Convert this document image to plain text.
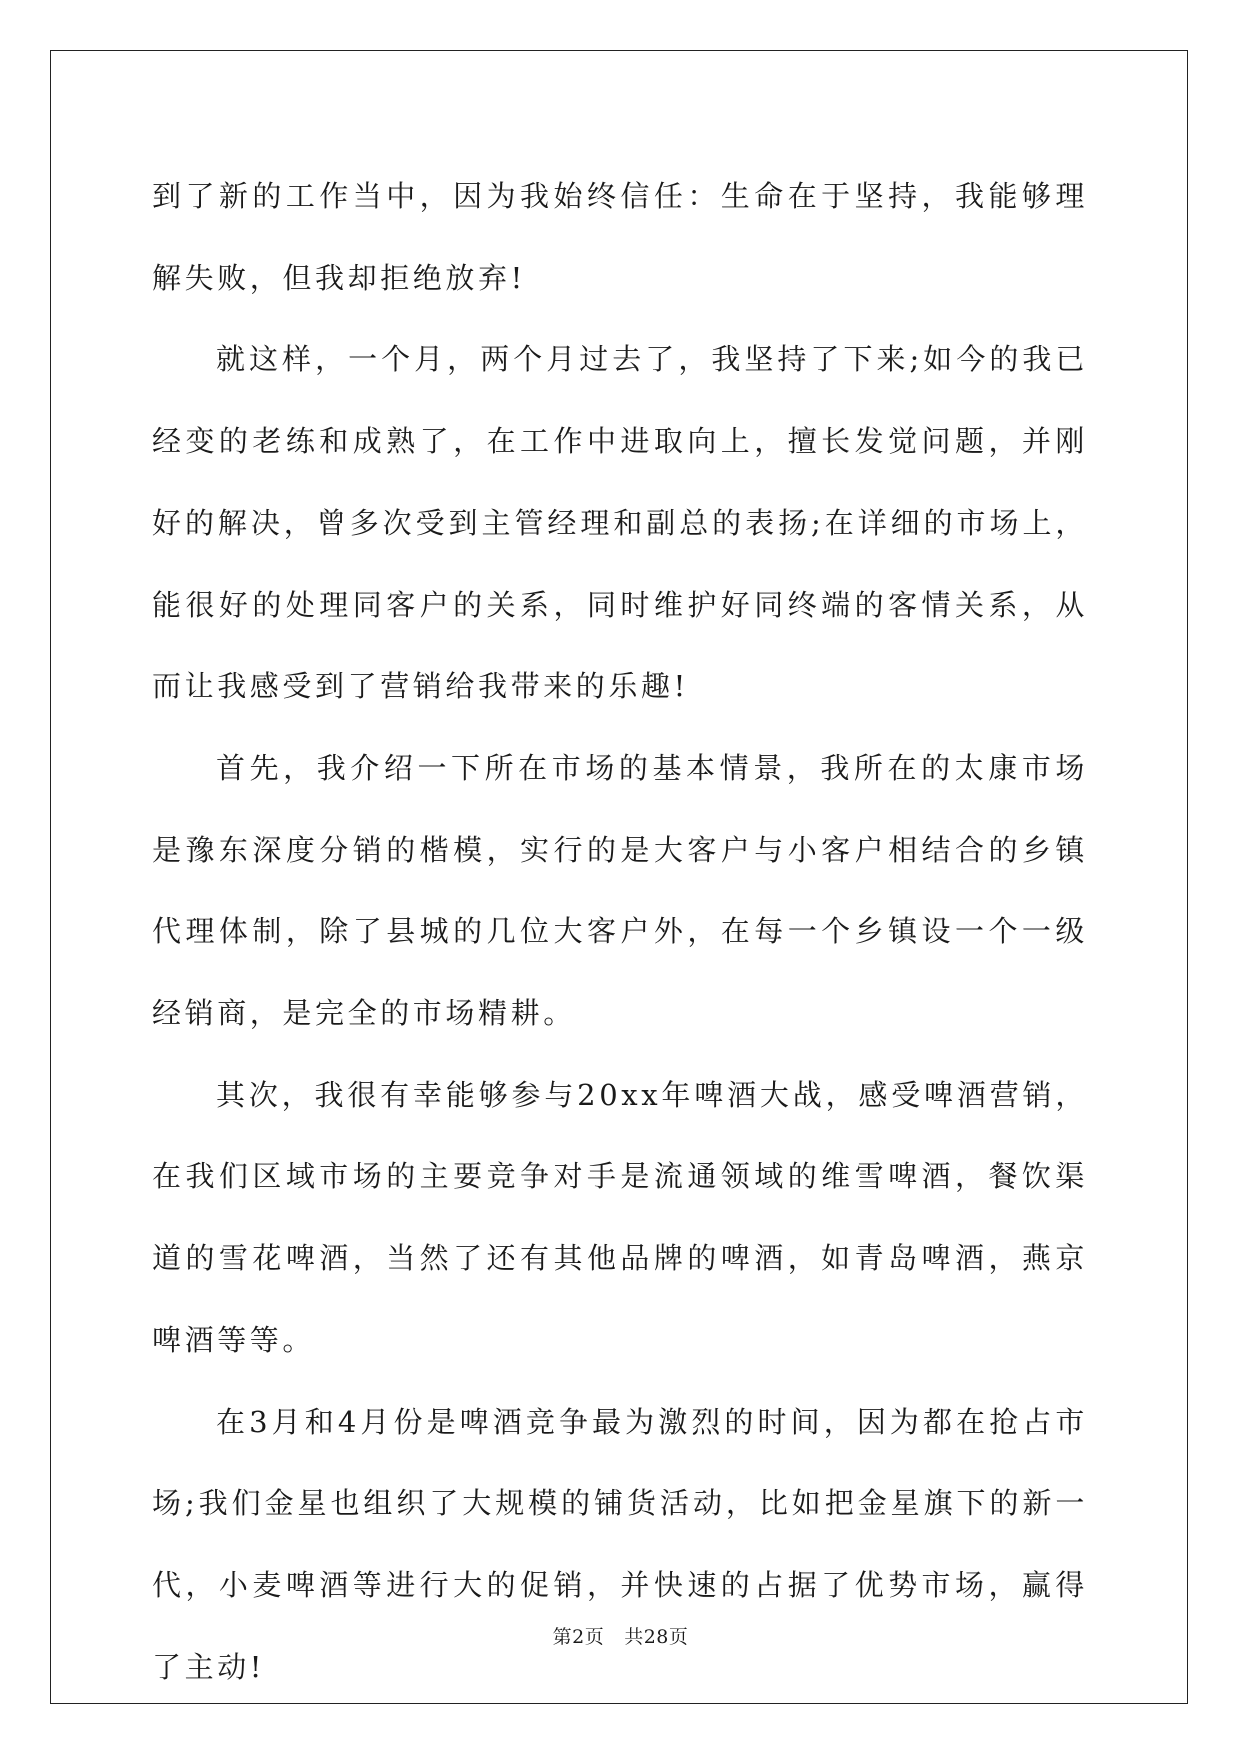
到了新的工作当中，因为我始终信任：生命在于坚持，我能够理解失败，但我却拒绝放弃!

就这样，一个月，两个月过去了，我坚持了下来;如今的我已经变的老练和成熟了，在工作中进取向上，擅长发觉问题，并刚好的解决，曾多次受到主管经理和副总的表扬;在详细的市场上，能很好的处理同客户的关系，同时维护好同终端的客情关系，从而让我感受到了营销给我带来的乐趣!

首先，我介绍一下所在市场的基本情景，我所在的太康市场是豫东深度分销的楷模，实行的是大客户与小客户相结合的乡镇代理体制，除了县城的几位大客户外，在每一个乡镇设一个一级经销商，是完全的市场精耕。

其次，我很有幸能够参与20xx年啤酒大战，感受啤酒营销，在我们区域市场的主要竞争对手是流通领域的维雪啤酒，餐饮渠道的雪花啤酒，当然了还有其他品牌的啤酒，如青岛啤酒，燕京啤酒等等。

在3月和4月份是啤酒竞争最为激烈的时间，因为都在抢占市场;我们金星也组织了大规模的铺货活动，比如把金星旗下的新一代，小麦啤酒等进行大的促销，并快速的占据了优势市场，赢得了主动!

第2页 共28页
